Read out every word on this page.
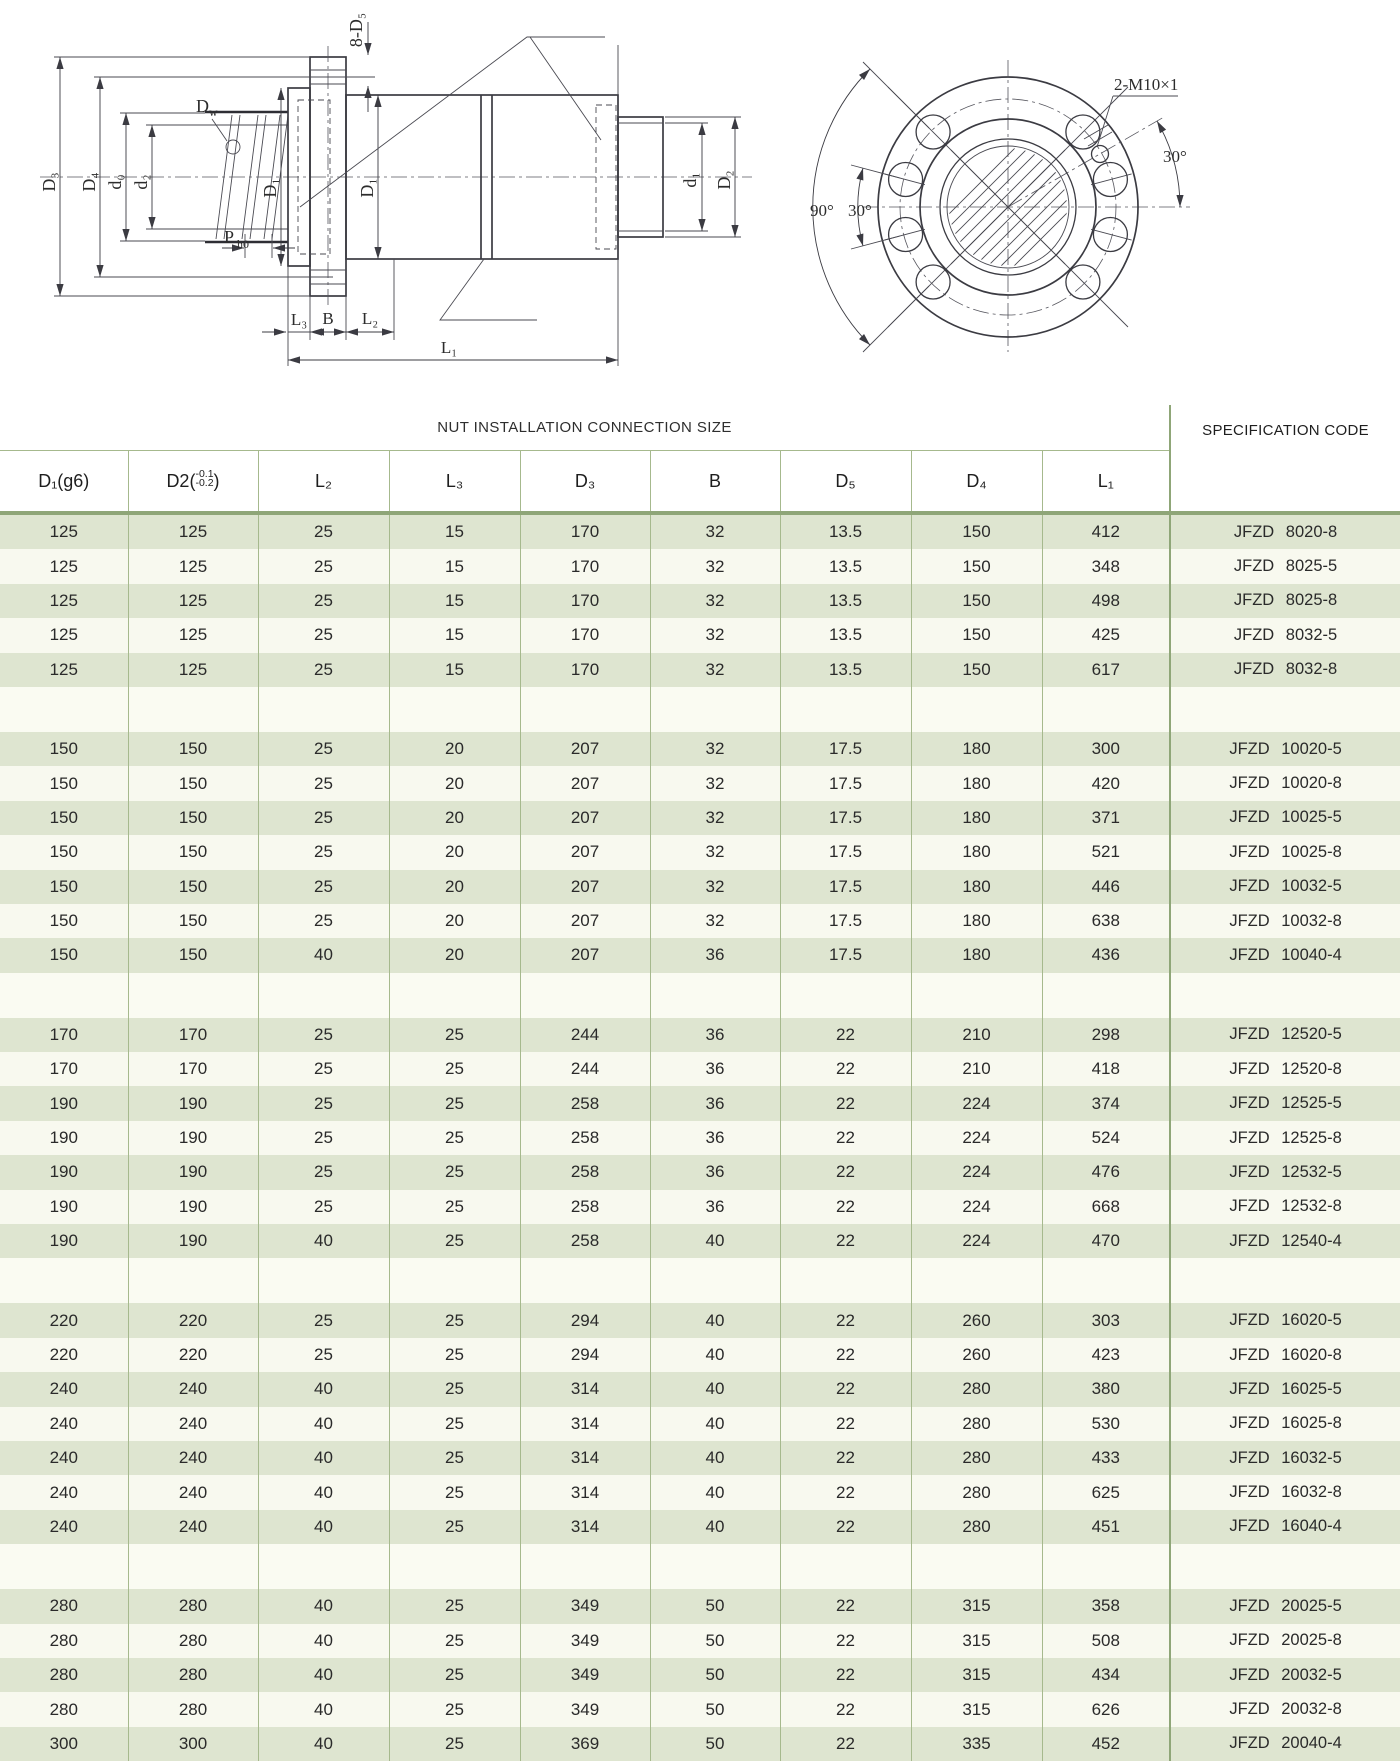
D w
d₁ D₂
D₃ D₄ d₀ d₂	D₁	D₁
P h0
L₃ B L₂
L₁
8-D₅
2-M10×1
30°
90° 30°
NUT INSTALLATION CONNECTION SIZE									SPECIFICATION CODE
D₁(g6)	D2( -0.1
-0.2 )	L₂	L₃	D₃	B	D₅	D₄	L₁	
125	125	25	15	170	32	13.5	150	412	JFZD 8020-8
125	125	25	15	170	32	13.5	150	348	JFZD 8025-5
125	125	25	15	170	32	13.5	150	498	JFZD 8025-8
125	125	25	15	170	32	13.5	150	425	JFZD 8032-5
125	125	25	15	170	32	13.5	150	617	JFZD 8032-8

150	150	25	20	207	32	17.5	180	300	JFZD 10020-5
150	150	25	20	207	32	17.5	180	420	JFZD 10020-8
150	150	25	20	207	32	17.5	180	371	JFZD 10025-5
150	150	25	20	207	32	17.5	180	521	JFZD 10025-8
150	150	25	20	207	32	17.5	180	446	JFZD 10032-5
150	150	25	20	207	32	17.5	180	638	JFZD 10032-8
150	150	40	20	207	36	17.5	180	436	JFZD 10040-4

170	170	25	25	244	36	22	210	298	JFZD 12520-5
170	170	25	25	244	36	22	210	418	JFZD 12520-8
190	190	25	25	258	36	22	224	374	JFZD 12525-5
190	190	25	25	258	36	22	224	524	JFZD 12525-8
190	190	25	25	258	36	22	224	476	JFZD 12532-5
190	190	25	25	258	36	22	224	668	JFZD 12532-8
190	190	40	25	258	40	22	224	470	JFZD 12540-4

220	220	25	25	294	40	22	260	303	JFZD 16020-5
220	220	25	25	294	40	22	260	423	JFZD 16020-8
240	240	40	25	314	40	22	280	380	JFZD 16025-5
240	240	40	25	314	40	22	280	530	JFZD 16025-8
240	240	40	25	314	40	22	280	433	JFZD 16032-5
240	240	40	25	314	40	22	280	625	JFZD 16032-8
240	240	40	25	314	40	22	280	451	JFZD 16040-4

280	280	40	25	349	50	22	315	358	JFZD 20025-5
280	280	40	25	349	50	22	315	508	JFZD 20025-8
280	280	40	25	349	50	22	315	434	JFZD 20032-5
280	280	40	25	349	50	22	315	626	JFZD 20032-8
300	300	40	25	369	50	22	335	452	JFZD 20040-4
